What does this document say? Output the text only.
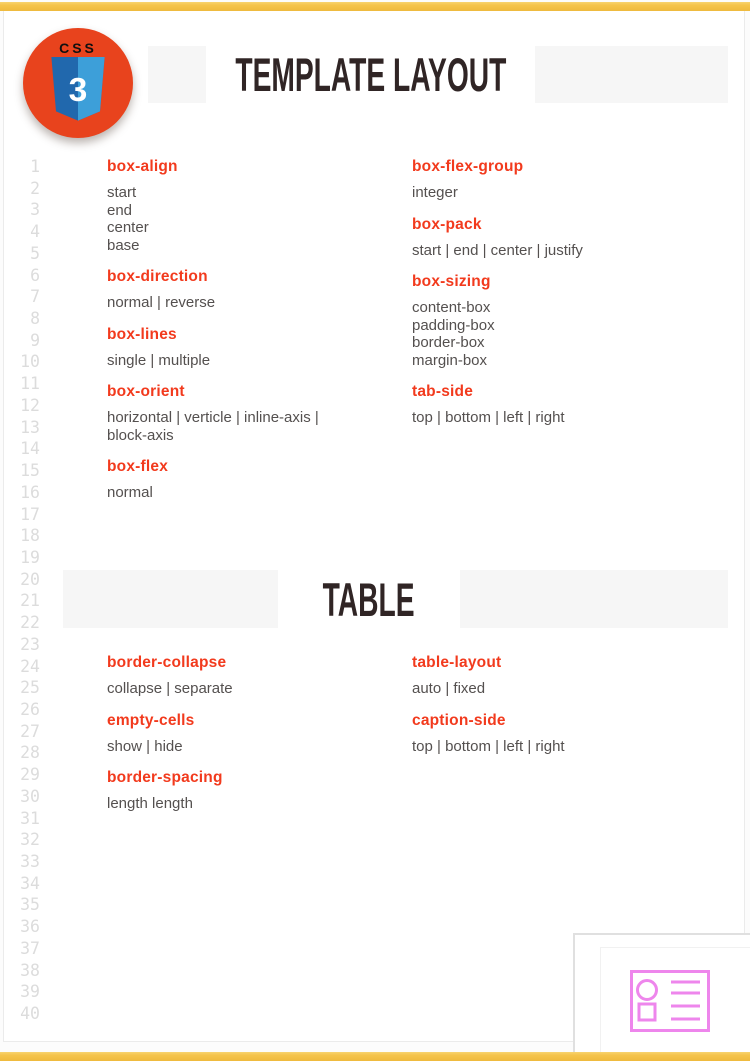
CSS
3	TEMPLATE LAYOUT
1
2
3
4
5
6
7
8
9
10
11
12
13
14
15
16
17
18
19
20
21
22
23
24
25
26
27
28
29
30
31
32
33
34
35
36
37
38
39
40
box-align
start
end
center
base
box-direction
normal | reverse
box-lines
single | multiple
box-orient
horizontal | verticle | inline-axis | block-axis
box-flex
normal
box-flex-group
integer
box-pack
start | end | center | justify
box-sizing
content-box
padding-box
border-box
margin-box
tab-side
top | bottom | left | right
TABLE
border-collapse
collapse | separate
empty-cells
show | hide
border-spacing
length length
table-layout
auto | fixed
caption-side
top | bottom | left | right
